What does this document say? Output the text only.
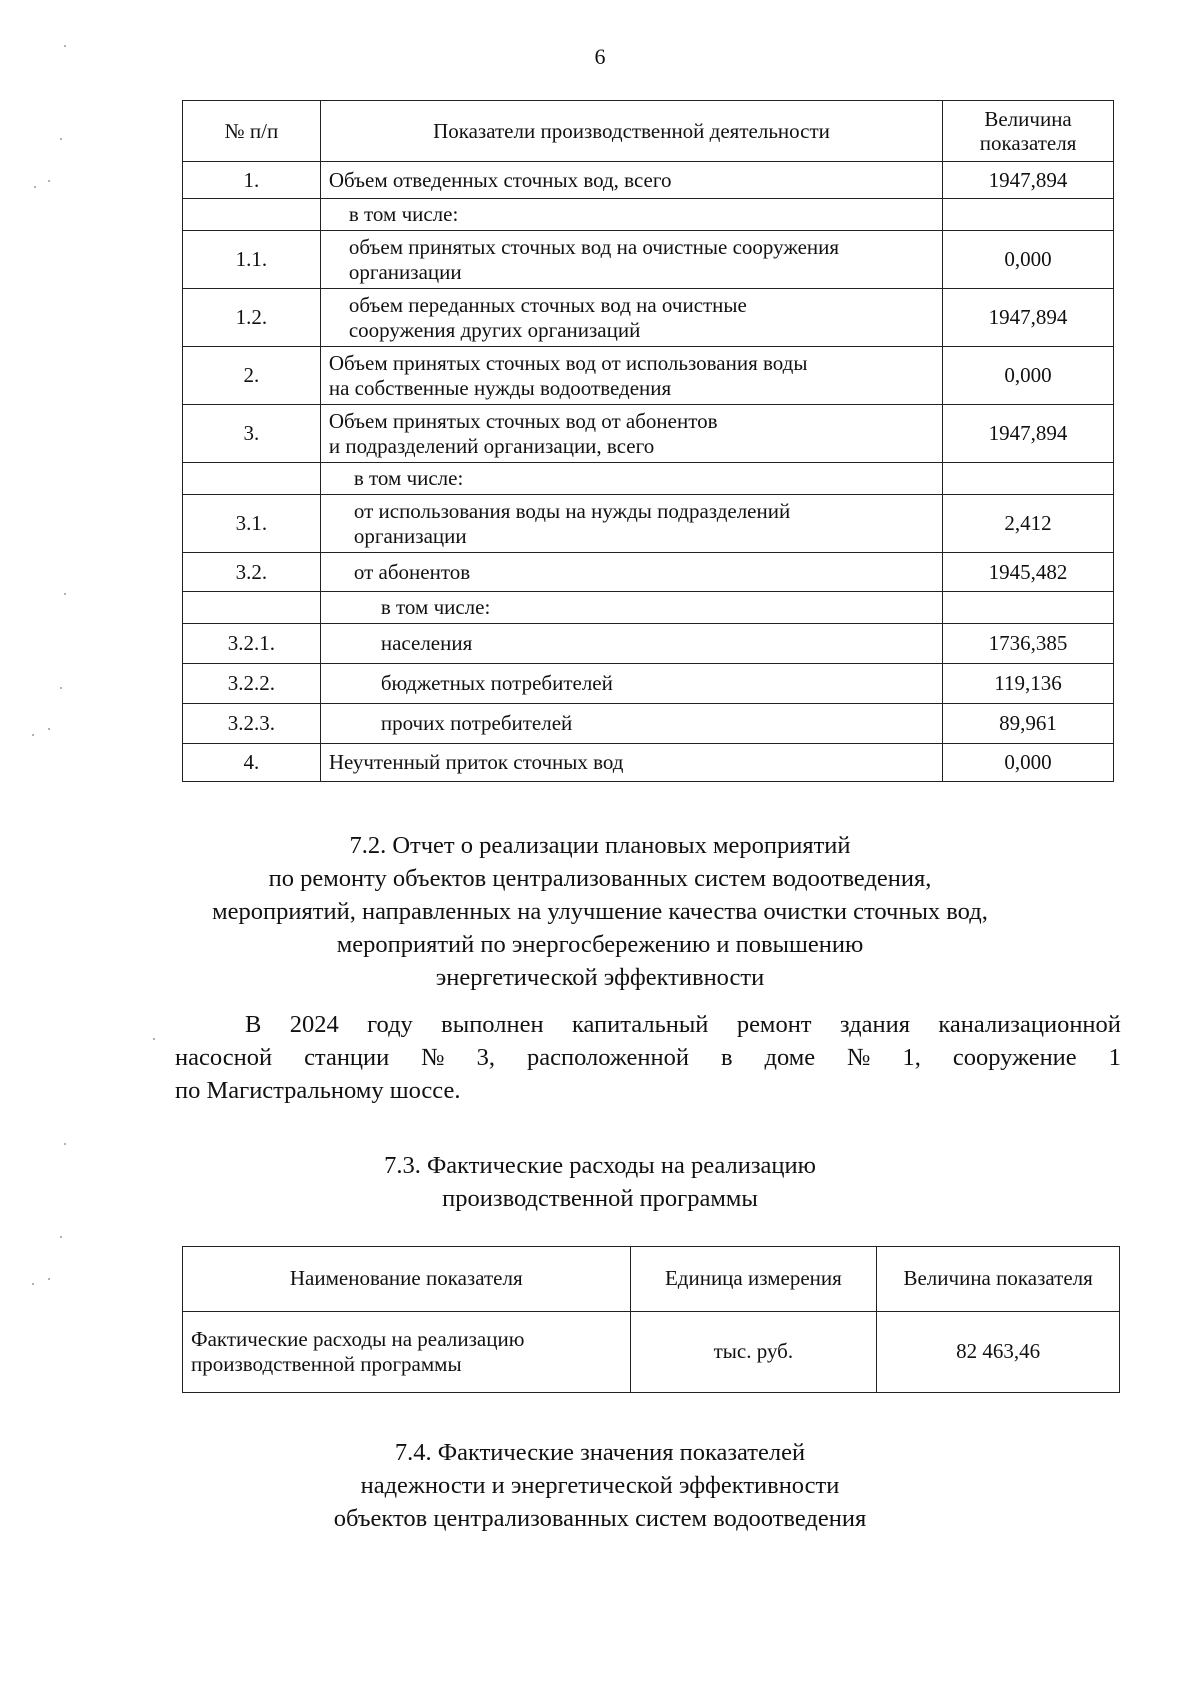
6
№ п/п	Показатели производственной деятельности	Величина
показателя

1.	Объем отведенных сточных вод, всего	1947,894

	в том числе:	

1.1.	объем принятых сточных вод на очистные сооружения
организации	0,000
1.2.	объем переданных сточных вод на очистные
сооружения других организаций	1947,894
2.	Объем принятых сточных вод от использования воды
на собственные нужды водоотведения	0,000
3.	Объем принятых сточных вод от абонентов
и подразделений организации, всего	1947,894

	в том числе:	

3.1.	от использования воды на нужды подразделений
организации	2,412
3.2.	от абонентов	1945,482

	в том числе:	

3.2.1.	населения	1736,385
3.2.2.	бюджетных потребителей	119,136
3.2.3.	прочих потребителей	89,961
4.	Неучтенный приток сточных вод	0,000
7.2. Отчет о реализации плановых мероприятий
по ремонту объектов централизованных систем водоотведения,
мероприятий, направленных на улучшение качества очистки сточных вод,
мероприятий по энергосбережению и повышению
энергетической эффективности
В 2024 году выполнен капитальный ремонт здания канализационной
насосной станции № 3, расположенной в доме № 1, сооружение 1
по Магистральному шоссе.
7.3. Фактические расходы на реализацию
производственной программы
Наименование показателя	Единица измерения	Величина показателя

Фактические расходы на реализацию
производственной программы	тыс. руб.	82 463,46
7.4. Фактические значения показателей
надежности и энергетической эффективности
объектов централизованных систем водоотведения
